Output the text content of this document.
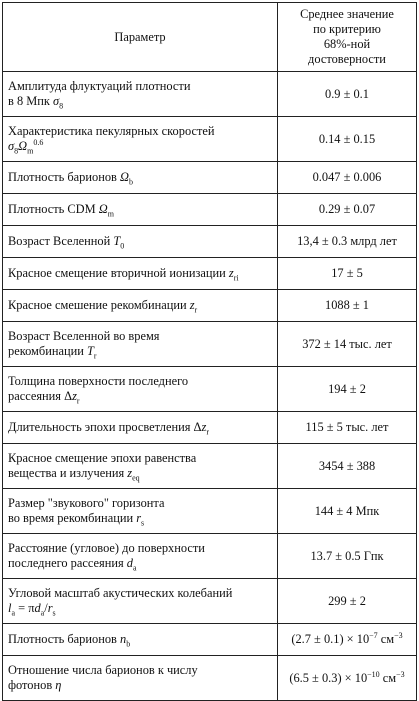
Параметр	Среднее значение
по критерию
68%-ной
достоверности

Амплитуда флуктуаций плотности
в 8 Мпк $\sigma_8$	0.9 ± 0.1
Характеристика пекулярных скоростей
$\sigma_8\Omega_m^{0.6}$	0.14 ± 0.15
Плотность барионов $\Omega_b$	0.047 ± 0.006
Плотность CDM $\Omega_m$	0.29 ± 0.07
Возраст Вселенной $T_0$	13,4 ± 0.3 млрд лет
Красное смещение вторичной ионизации $z_{ri}$	17 ± 5
Красное смешение рекомбинации $z_r$	1088 ± 1
Возраст Вселенной во время
рекомбинации $T_r$	372 ± 14 тыс. лет
Толщина поверхности последнего
рассеяния $\Delta z_r$	194 ± 2
Длительность эпохи просветления $\Delta z_r$	115 ± 5 тыс. лет
Красное смещение эпохи равенства
вещества и излучения $z_{eq}$	3454 ± 388
Размер "звукового" горизонта
во время рекомбинации $r_s$	144 ± 4 Мпк
Расстояние (угловое) до поверхности
последнего рассеяния $d_a$	13.7 ± 0.5 Гпк
Угловой масштаб акустических колебаний
$l_a = \pi d_a/r_s$	299 ± 2
Плотность барионов $n_b$	$(2.7 \pm 0.1) \times 10^{-7}$ $см^{-3}$
Отношение числа барионов к числу
фотонов η	$(6.5 \pm 0.3) \times 10^{-10}$ $см^{-3}$
